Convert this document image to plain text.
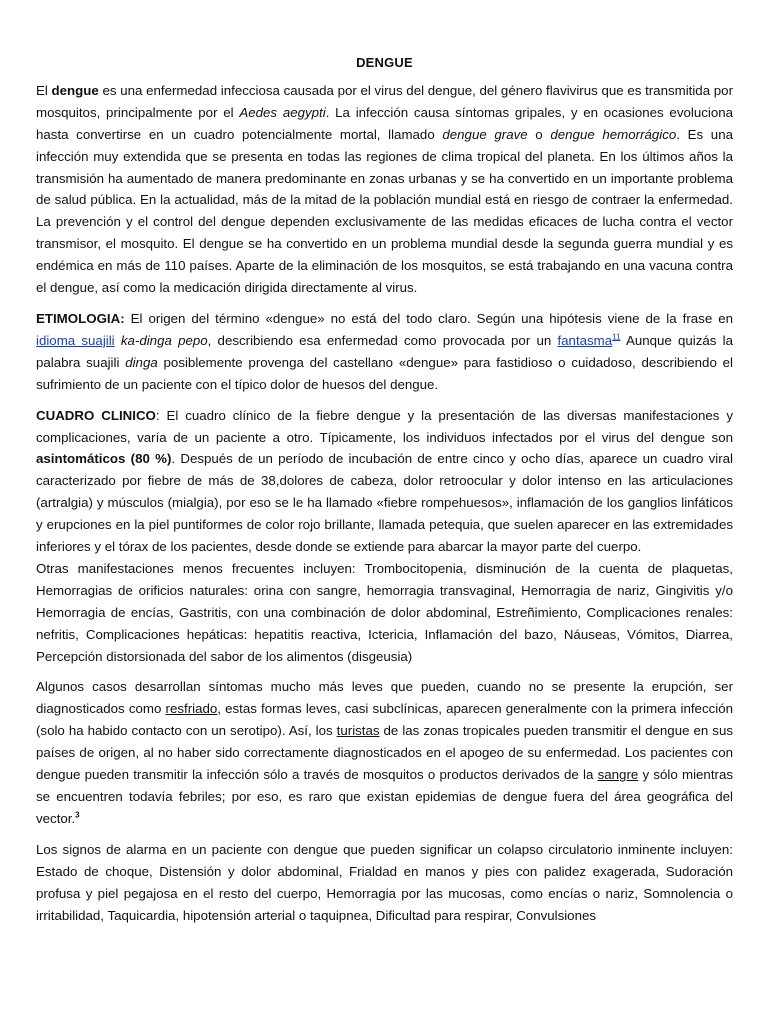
DENGUE

El dengue es una enfermedad infecciosa causada por el virus del dengue, del género flavivirus que es transmitida por mosquitos, principalmente por el Aedes aegypti. La infección causa síntomas gripales, y en ocasiones evoluciona hasta convertirse en un cuadro potencialmente mortal, llamado dengue grave o dengue hemorrágico. Es una infección muy extendida que se presenta en todas las regiones de clima tropical del planeta. En los últimos años la transmisión ha aumentado de manera predominante en zonas urbanas y se ha convertido en un importante problema de salud pública. En la actualidad, más de la mitad de la población mundial está en riesgo de contraer la enfermedad. La prevención y el control del dengue dependen exclusivamente de las medidas eficaces de lucha contra el vector transmisor, el mosquito. El dengue se ha convertido en un problema mundial desde la segunda guerra mundial y es endémica en más de 110 países. Aparte de la eliminación de los mosquitos, se está trabajando en una vacuna contra el dengue, así como la medicación dirigida directamente al virus.

ETIMOLOGIA: El origen del término «dengue» no está del todo claro. Según una hipótesis viene de la frase en idioma suajili ka-dinga pepo, describiendo esa enfermedad como provocada por un fantasma$^{11}$ Aunque quizás la palabra suajili dinga posiblemente provenga del castellano «dengue» para fastidioso o cuidadoso, describiendo el sufrimiento de un paciente con el típico dolor de huesos del dengue.

CUADRO CLINICO: El cuadro clínico de la fiebre dengue y la presentación de las diversas manifestaciones y complicaciones, varía de un paciente a otro. Típicamente, los individuos infectados por el virus del dengue son asintomáticos (80 %). Después de un período de incubación de entre cinco y ocho días, aparece un cuadro viral caracterizado por fiebre de más de 38,dolores de cabeza, dolor retroocular y dolor intenso en las articulaciones (artralgia) y músculos (mialgia), por eso se le ha llamado «fiebre rompehuesos», inflamación de los ganglios linfáticos y erupciones en la piel puntiformes de color rojo brillante, llamada petequia, que suelen aparecer en las extremidades inferiores y el tórax de los pacientes, desde donde se extiende para abarcar la mayor parte del cuerpo.

Otras manifestaciones menos frecuentes incluyen: Trombocitopenia, disminución de la cuenta de plaquetas, Hemorragias de orificios naturales: orina con sangre, hemorragia transvaginal, Hemorragia de nariz, Gingivitis y/o Hemorragia de encías, Gastritis, con una combinación de dolor abdominal, Estreñimiento, Complicaciones renales: nefritis, Complicaciones hepáticas: hepatitis reactiva, Ictericia, Inflamación del bazo, Náuseas, Vómitos, Diarrea, Percepción distorsionada del sabor de los alimentos (disgeusia)

Algunos casos desarrollan síntomas mucho más leves que pueden, cuando no se presente la erupción, ser diagnosticados como resfriado, estas formas leves, casi subclínicas, aparecen generalmente con la primera infección (solo ha habido contacto con un serotipo). Así, los turistas de las zonas tropicales pueden transmitir el dengue en sus países de origen, al no haber sido correctamente diagnosticados en el apogeo de su enfermedad. Los pacientes con dengue pueden transmitir la infección sólo a través de mosquitos o productos derivados de la sangre y sólo mientras se encuentren todavía febriles; por eso, es raro que existan epidemias de dengue fuera del área geográfica del vector.$^3$

Los signos de alarma en un paciente con dengue que pueden significar un colapso circulatorio inminente incluyen: Estado de choque, Distensión y dolor abdominal, Frialdad en manos y pies con palidez exagerada, Sudoración profusa y piel pegajosa en el resto del cuerpo, Hemorragia por las mucosas, como encías o nariz, Somnolencia o irritabilidad, Taquicardia, hipotensión arterial o taquipnea, Dificultad para respirar, Convulsiones
